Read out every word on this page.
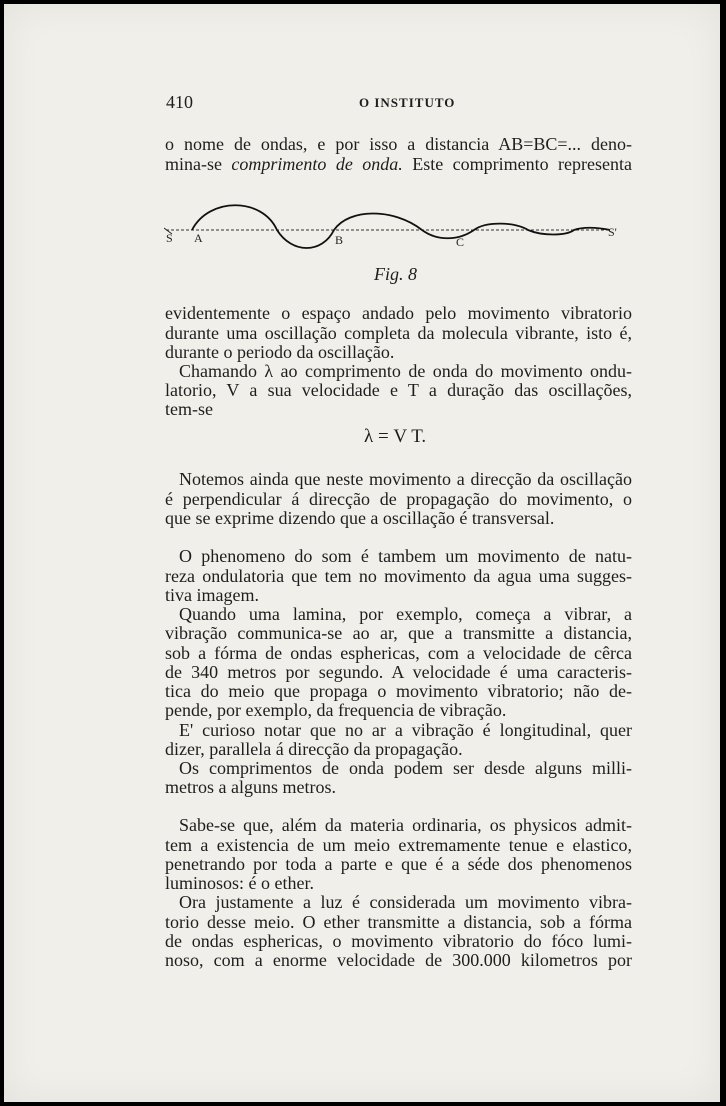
410	O INSTITUTO

o nome de ondas, e por isso a distancia AB=BC=... deno-

mina-se comprimento de onda. Este comprimento representa

S A	B	C
S'
Fig. 8

evidentemente o espaço andado pelo movimento vibratorio

durante uma oscillação completa da molecula vibrante, isto é,

durante o periodo da oscillação.

Chamando λ ao comprimento de onda do movimento ondu-

latorio, V a sua velocidade e T a duração das oscillações,

tem-se

λ = V T.

Notemos ainda que neste movimento a direcção da oscillação

é perpendicular á direcção de propagação do movimento, o

que se exprime dizendo que a oscillação é transversal.

O phenomeno do som é tambem um movimento de natu-

reza ondulatoria que tem no movimento da agua uma sugges-

tiva imagem.

Quando uma lamina, por exemplo, começa a vibrar, a

vibração communica-se ao ar, que a transmitte a distancia,

sob a fórma de ondas esphericas, com a velocidade de cêrca

de 340 metros por segundo. A velocidade é uma caracteris-

tica do meio que propaga o movimento vibratorio; não de-

pende, por exemplo, da frequencia de vibração.

E' curioso notar que no ar a vibração é longitudinal, quer

dizer, parallela á direcção da propagação.

Os comprimentos de onda podem ser desde alguns milli-

metros a alguns metros.

Sabe-se que, além da materia ordinaria, os physicos admit-

tem a existencia de um meio extremamente tenue e elastico,

penetrando por toda a parte e que é a séde dos phenomenos

luminosos: é o ether.

Ora justamente a luz é considerada um movimento vibra-

torio desse meio. O ether transmitte a distancia, sob a fórma

de ondas esphericas, o movimento vibratorio do fóco lumi-

noso, com a enorme velocidade de 300.000 kilometros por
